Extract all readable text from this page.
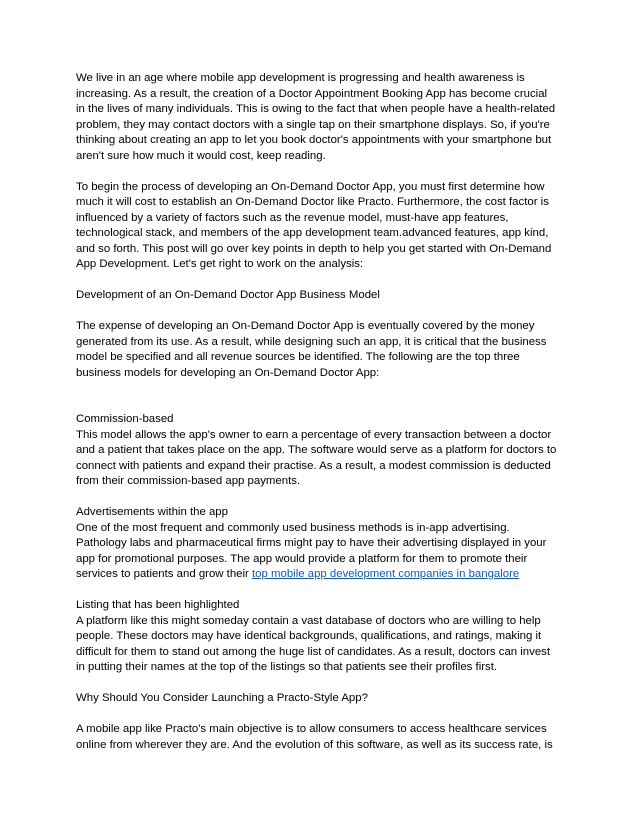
We live in an age where mobile app development is progressing and health awareness is
increasing. As a result, the creation of a Doctor Appointment Booking App has become crucial
in the lives of many individuals. This is owing to the fact that when people have a health-related
problem, they may contact doctors with a single tap on their smartphone displays. So, if you're
thinking about creating an app to let you book doctor's appointments with your smartphone but
aren't sure how much it would cost, keep reading.
To begin the process of developing an On-Demand Doctor App, you must first determine how
much it will cost to establish an On-Demand Doctor like Practo. Furthermore, the cost factor is
influenced by a variety of factors such as the revenue model, must-have app features,
technological stack, and members of the app development team.advanced features, app kind,
and so forth. This post will go over key points in depth to help you get started with On-Demand
App Development. Let's get right to work on the analysis:
Development of an On-Demand Doctor App Business Model
The expense of developing an On-Demand Doctor App is eventually covered by the money
generated from its use. As a result, while designing such an app, it is critical that the business
model be specified and all revenue sources be identified. The following are the top three
business models for developing an On-Demand Doctor App:
Commission-based
This model allows the app's owner to earn a percentage of every transaction between a doctor
and a patient that takes place on the app. The software would serve as a platform for doctors to
connect with patients and expand their practise. As a result, a modest commission is deducted
from their commission-based app payments.
Advertisements within the app
One of the most frequent and commonly used business methods is in-app advertising.
Pathology labs and pharmaceutical firms might pay to have their advertising displayed in your
app for promotional purposes. The app would provide a platform for them to promote their
services to patients and grow their top mobile app development companies in bangalore
Listing that has been highlighted
A platform like this might someday contain a vast database of doctors who are willing to help
people. These doctors may have identical backgrounds, qualifications, and ratings, making it
difficult for them to stand out among the huge list of candidates. As a result, doctors can invest
in putting their names at the top of the listings so that patients see their profiles first.
Why Should You Consider Launching a Practo-Style App?
A mobile app like Practo's main objective is to allow consumers to access healthcare services
online from wherever they are. And the evolution of this software, as well as its success rate, is
